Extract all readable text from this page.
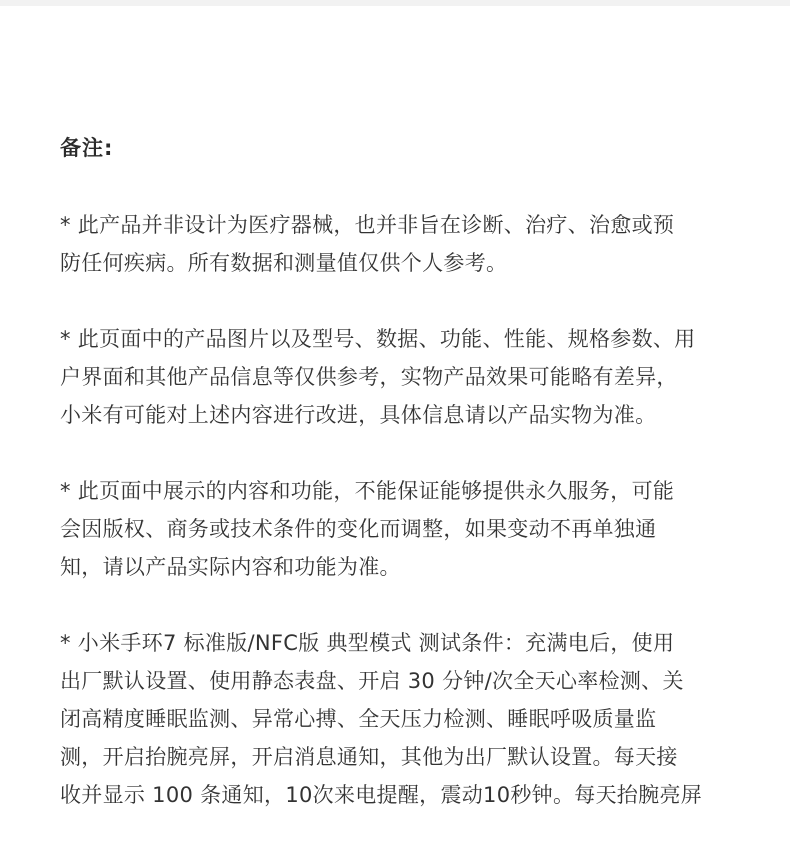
备注:
* 此产品并非设计为医疗器械，也并非旨在诊断、治疗、治愈或预
防任何疾病。所有数据和测量值仅供个人参考。
* 此页面中的产品图片以及型号、数据、功能、性能、规格参数、用
户界面和其他产品信息等仅供参考，实物产品效果可能略有差异，
小米有可能对上述内容进行改进，具体信息请以产品实物为准。
* 此页面中展示的内容和功能，不能保证能够提供永久服务，可能
会因版权、商务或技术条件的变化而调整，如果变动不再单独通
知，请以产品实际内容和功能为准。
* 小米手环7 标准版/NFC版 典型模式 测试条件：充满电后，使用
出厂默认设置、使用静态表盘、开启 30 分钟/次全天心率检测、关
闭高精度睡眠监测、异常心搏、全天压力检测、睡眠呼吸质量监
测，开启抬腕亮屏，开启消息通知，其他为出厂默认设置。每天接
收并显示 100 条通知，10次来电提醒，震动10秒钟。每天抬腕亮屏
